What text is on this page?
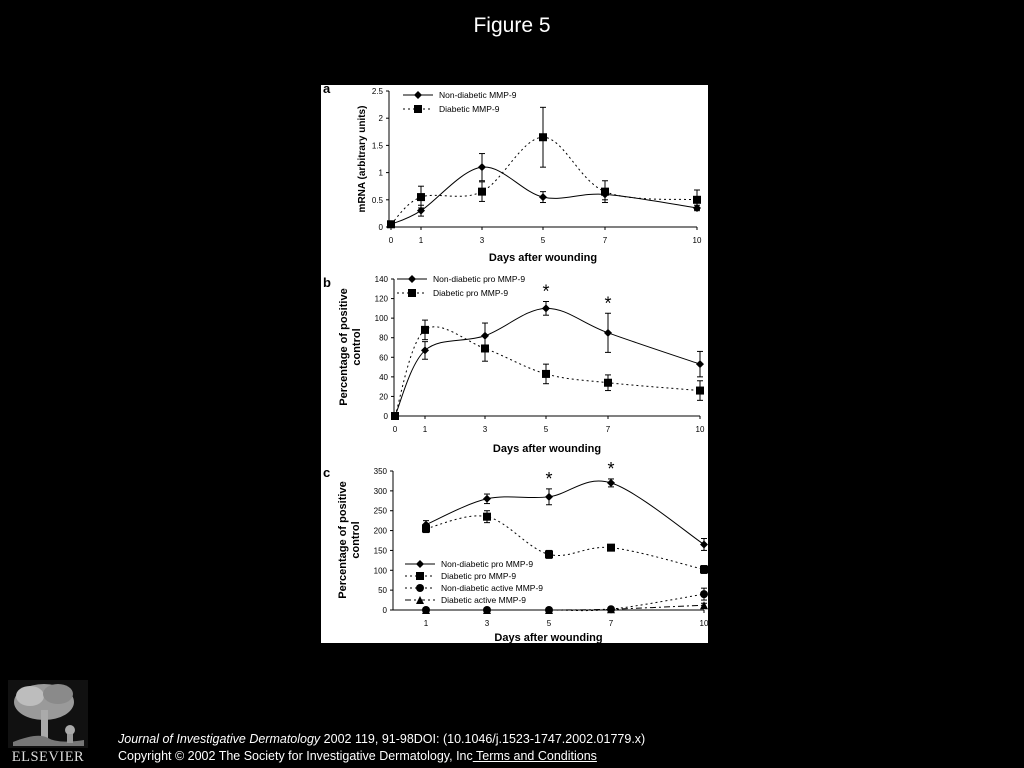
Figure 5
a
0
0.5
1
1.5
2
2.5
0	1	3	5	7	10
Days after wounding
mRNA (arbitrary units)
Non-diabetic MMP-9
Diabetic MMP-9
b
0
20
40
60
80
100
120
140
0	1	3	5	7	10
Days after wounding
Percentage of positivecontrol
*
*
Non-diabetic pro MMP-9
Diabetic pro MMP-9
c
0
50
100
150
200
250
300
350
1	3	5	7	10
Days after wounding
Percentage of positivecontrol
*	*
Non-diabetic pro MMP-9
Diabetic pro MMP-9
Non-diabetic active MMP-9
Diabetic active MMP-9
ELSEVIER
Journal of Investigative Dermatology 2002 119, 91-98DOI: (10.1046/j.1523-1747.2002.01779.x)
Copyright © 2002 The Society for Investigative Dermatology, Inc Terms and Conditions
